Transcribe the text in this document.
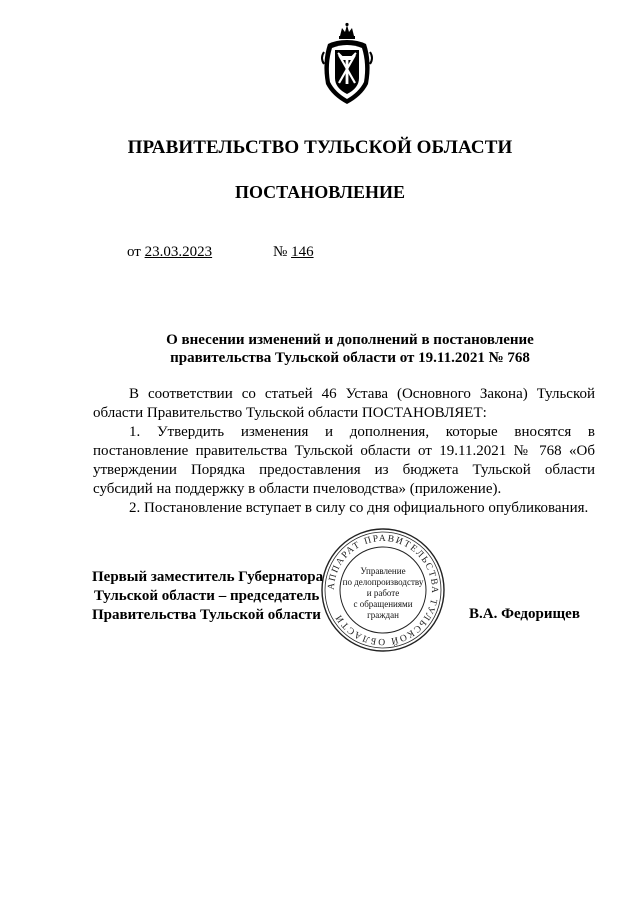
ПРАВИТЕЛЬСТВО ТУЛЬСКОЙ ОБЛАСТИ
ПОСТАНОВЛЕНИЕ
от 23.03.2023	№ 146
О внесении изменений и дополнений в постановление
правительства Тульской области от 19.11.2021 № 768

В соответствии со статьей 46 Устава (Основного Закона) Тульской области Правительство Тульской области ПОСТАНОВЛЯЕТ:

1. Утвердить изменения и дополнения, которые вносятся в постановление правительства Тульской области от 19.11.2021 № 768 «Об утверждении Порядка предоставления из бюджета Тульской области субсидий на поддержку в области пчеловодства» (приложение).

2. Постановление вступает в силу со дня официального опубликования.

АППАРАТ ПРАВИТЕЛЬСТВА ТУЛЬСКОЙ ОБЛАСТИ
Управление
по делопроизводству
и работе
с обращениями
граждан
Первый заместитель Губернатора
Тульской области – председатель
Правительства Тульской области	В.А. Федорищев
